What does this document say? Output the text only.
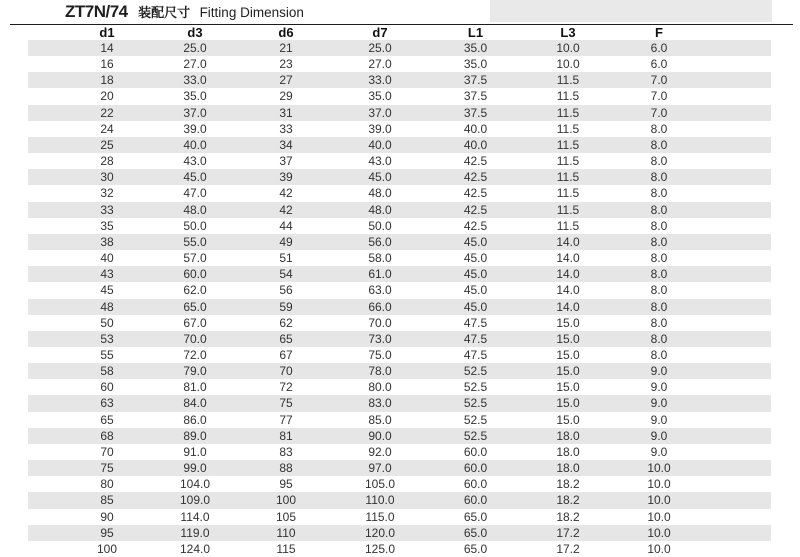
ZT7N/74 装配尺寸 Fitting Dimension
d1	d3	d6	d7	L1	L3	F
14	25.0	21	25.0	35.0	10.0	6.0
16	27.0	23	27.0	35.0	10.0	6.0
18	33.0	27	33.0	37.5	11.5	7.0
20	35.0	29	35.0	37.5	11.5	7.0
22	37.0	31	37.0	37.5	11.5	7.0
24	39.0	33	39.0	40.0	11.5	8.0
25	40.0	34	40.0	40.0	11.5	8.0
28	43.0	37	43.0	42.5	11.5	8.0
30	45.0	39	45.0	42.5	11.5	8.0
32	47.0	42	48.0	42.5	11.5	8.0
33	48.0	42	48.0	42.5	11.5	8.0
35	50.0	44	50.0	42.5	11.5	8.0
38	55.0	49	56.0	45.0	14.0	8.0
40	57.0	51	58.0	45.0	14.0	8.0
43	60.0	54	61.0	45.0	14.0	8.0
45	62.0	56	63.0	45.0	14.0	8.0
48	65.0	59	66.0	45.0	14.0	8.0
50	67.0	62	70.0	47.5	15.0	8.0
53	70.0	65	73.0	47.5	15.0	8.0
55	72.0	67	75.0	47.5	15.0	8.0
58	79.0	70	78.0	52.5	15.0	9.0
60	81.0	72	80.0	52.5	15.0	9.0
63	84.0	75	83.0	52.5	15.0	9.0
65	86.0	77	85.0	52.5	15.0	9.0
68	89.0	81	90.0	52.5	18.0	9.0
70	91.0	83	92.0	60.0	18.0	9.0
75	99.0	88	97.0	60.0	18.0	10.0
80	104.0	95	105.0	60.0	18.2	10.0
85	109.0	100	110.0	60.0	18.2	10.0
90	114.0	105	115.0	65.0	18.2	10.0
95	119.0	110	120.0	65.0	17.2	10.0
100	124.0	115	125.0	65.0	17.2	10.0
